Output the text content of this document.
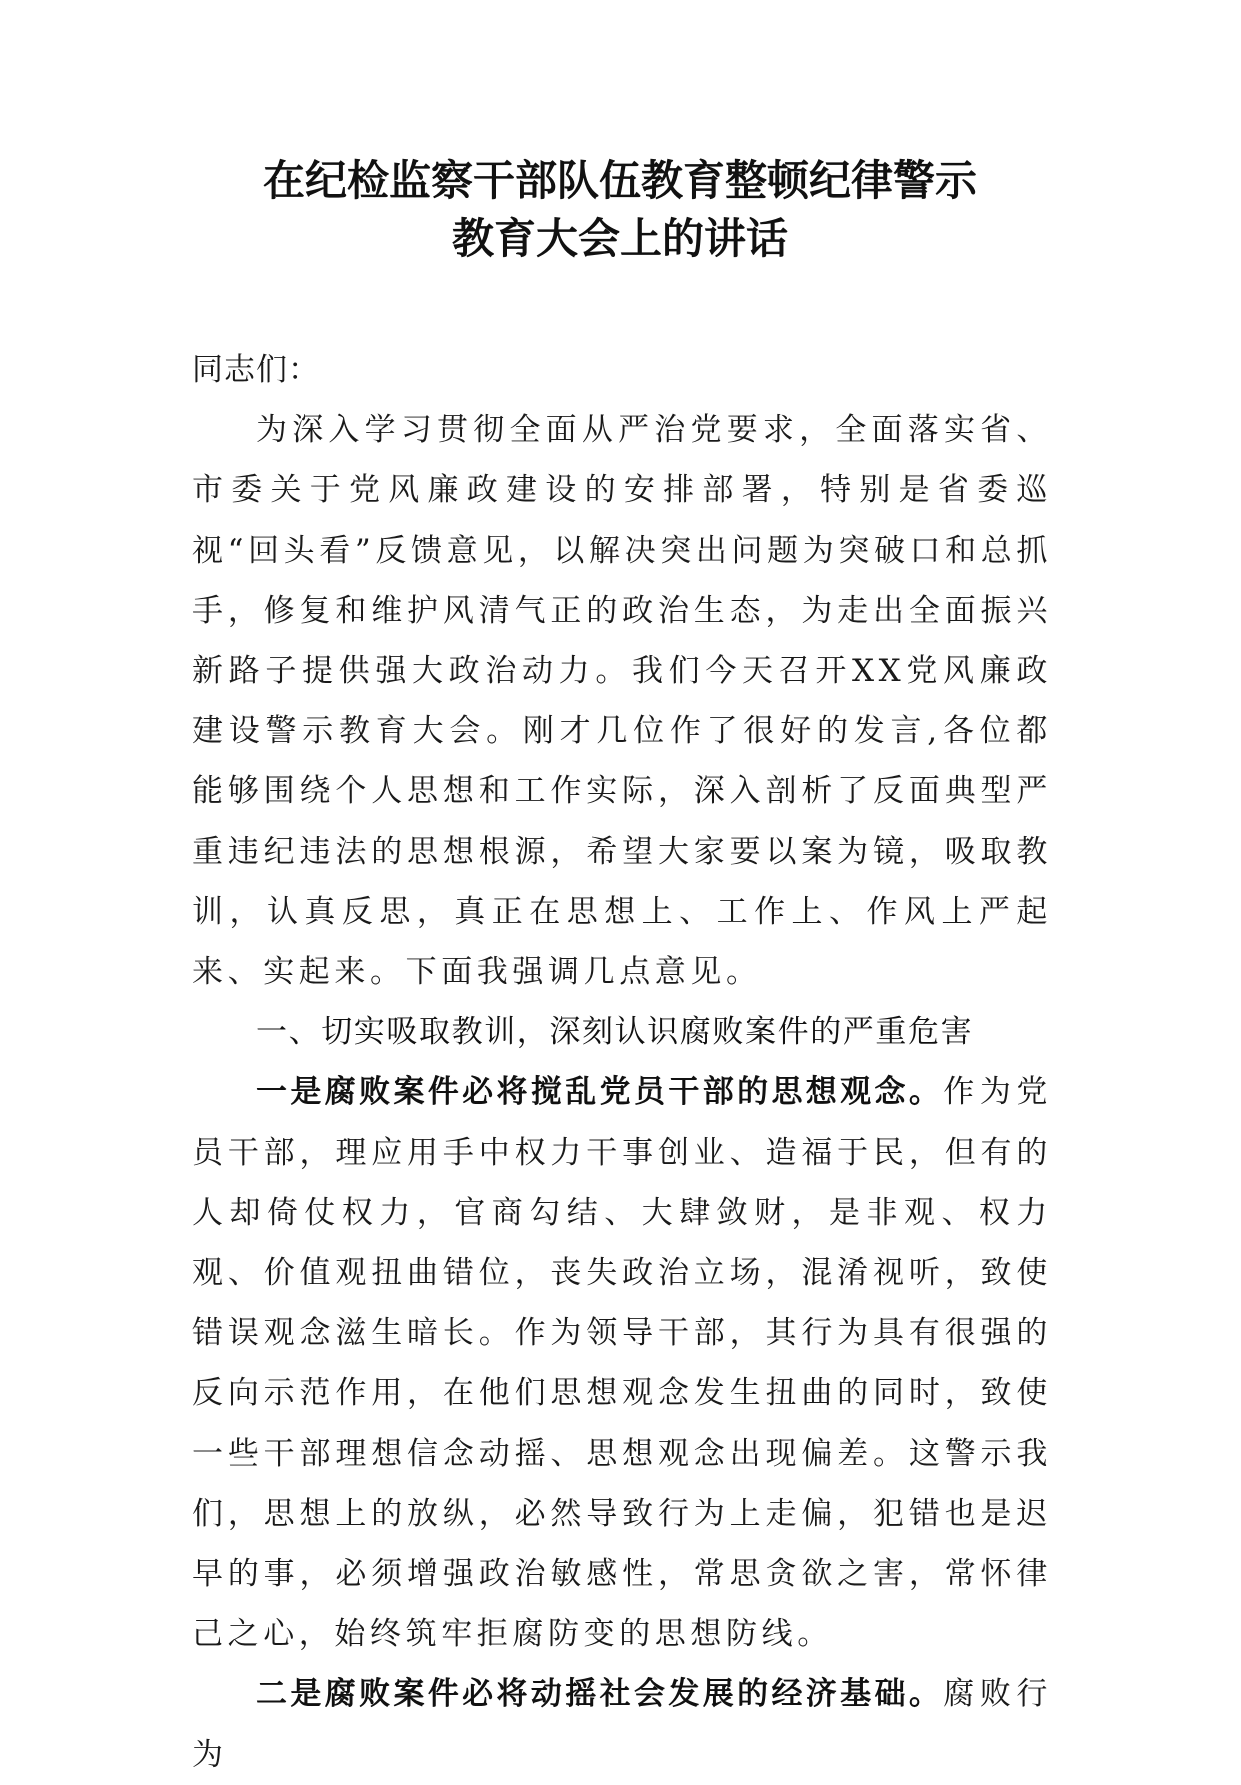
在纪检监察干部队伍教育整顿纪律警示
教育大会上的讲话

同志们：

为深入学习贯彻全面从严治党要求，全面落实省、市委关于党风廉政建设的安排部署，特别是省委巡视“回头看”反馈意见，以解决突出问题为突破口和总抓手，修复和维护风清气正的政治生态，为走出全面振兴新路子提供强大政治动力。我们今天召开XX党风廉政建设警示教育大会。刚才几位作了很好的发言,各位都能够围绕个人思想和工作实际，深入剖析了反面典型严重违纪违法的思想根源，希望大家要以案为镜，吸取教训，认真反思，真正在思想上、工作上、作风上严起来、实起来。下面我强调几点意见。

一、切实吸取教训，深刻认识腐败案件的严重危害

一是腐败案件必将搅乱党员干部的思想观念。作为党员干部，理应用手中权力干事创业、造福于民，但有的人却倚仗权力，官商勾结、大肆敛财，是非观、权力观、价值观扭曲错位，丧失政治立场，混淆视听，致使错误观念滋生暗长。作为领导干部，其行为具有很强的反向示范作用，在他们思想观念发生扭曲的同时，致使一些干部理想信念动摇、思想观念出现偏差。这警示我们，思想上的放纵，必然导致行为上走偏，犯错也是迟早的事，必须增强政治敏感性，常思贪欲之害，常怀律己之心，始终筑牢拒腐防变的思想防线。

二是腐败案件必将动摇社会发展的经济基础。腐败行为
